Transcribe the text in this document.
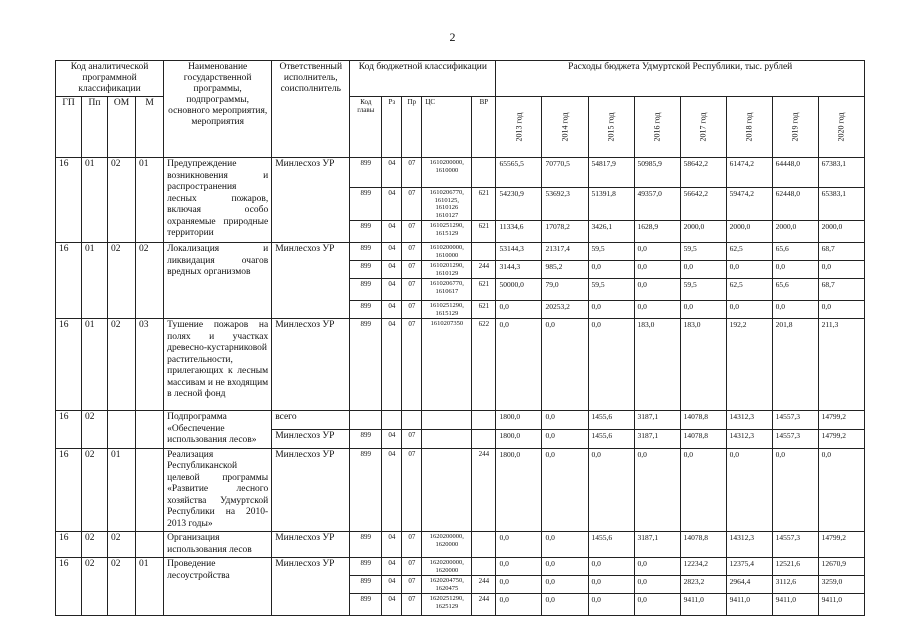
2
Код аналитической программной классификации				Наименование государственной программы, подпрограммы, основного мероприятия, мероприятия	Ответственный исполнитель, соисполнитель	Код бюджетной классификации					Расходы бюджета Удмуртской Республики, тыс. рублей							
ГП	Пп	ОМ	М			Код главы	Рз	Пр	ЦС	ВР	2013 год	2014 год	2015 год	2016 год	2017 год	2018 год	2019 год	2020 год

16	01	02	01	Предупреждение возникновения и распространения лесных пожаров, включая особо охраняемые природные территории	Минлесхоз УР	899	04	07	1610200000, 1610000		65565,5	70770,5	54817,9	50985,9	58642,2	61474,2	64448,0	67383,1
						899	04	07	1610206770, 1610125, 1610126 1610127	621	54230,9	53692,3	51391,8	49357,0	56642,2	59474,2	62448,0	65383,1
						899	04	07	1610251290, 1615129	621	11334,6	17078,2	3426,1	1628,9	2000,0	2000,0	2000,0	2000,0
16	01	02	02	Локализация и ликвидация очагов вредных организмов	Минлесхоз УР	899	04	07	1610200000, 1610000		53144,3	21317,4	59,5	0,0	59,5	62,5	65,6	68,7
						899	04	07	1610201290, 1610129	244	3144,3	985,2	0,0	0,0	0,0	0,0	0,0	0,0
						899	04	07	1610206770, 1610617	621	50000,0	79,0	59,5	0,0	59,5	62,5	65,6	68,7
						899	04	07	1610251290, 1615129	621	0,0	20253,2	0,0	0,0	0,0	0,0	0,0	0,0
16	01	02	03	Тушение пожаров на полях и участках древесно-кустарниковой растительности, прилегающих к лесным массивам и не входящим в лесной фонд	Минлесхоз УР	899	04	07	1610207350	622	0,0	0,0	0,0	183,0	183,0	192,2	201,8	211,3
16	02			Подпрограмма «Обеспечение использования лесов»	всего						1800,0	0,0	1455,6	3187,1	14078,8	14312,3	14557,3	14799,2
					Минлесхоз УР	899	04	07			1800,0	0,0	1455,6	3187,1	14078,8	14312,3	14557,3	14799,2
16	02	01		Реализация Республиканской целевой программы «Развитие лесного хозяйства Удмуртской Республики на 2010-2013 годы»	Минлесхоз УР	899	04	07		244	1800,0	0,0	0,0	0,0	0,0	0,0	0,0	0,0
16	02	02		Организация использования лесов	Минлесхоз УР	899	04	07	1620200000, 1620000		0,0	0,0	1455,6	3187,1	14078,8	14312,3	14557,3	14799,2
16	02	02	01	Проведение лесоустройства	Минлесхоз УР	899	04	07	1620200000, 1620000		0,0	0,0	0,0	0,0	12234,2	12375,4	12521,6	12670,9
						899	04	07	1620204750, 1620475	244	0,0	0,0	0,0	0,0	2823,2	2964,4	3112,6	3259,0
						899	04	07	1620251290, 1625129	244	0,0	0,0	0,0	0,0	9411,0	9411,0	9411,0	9411,0
